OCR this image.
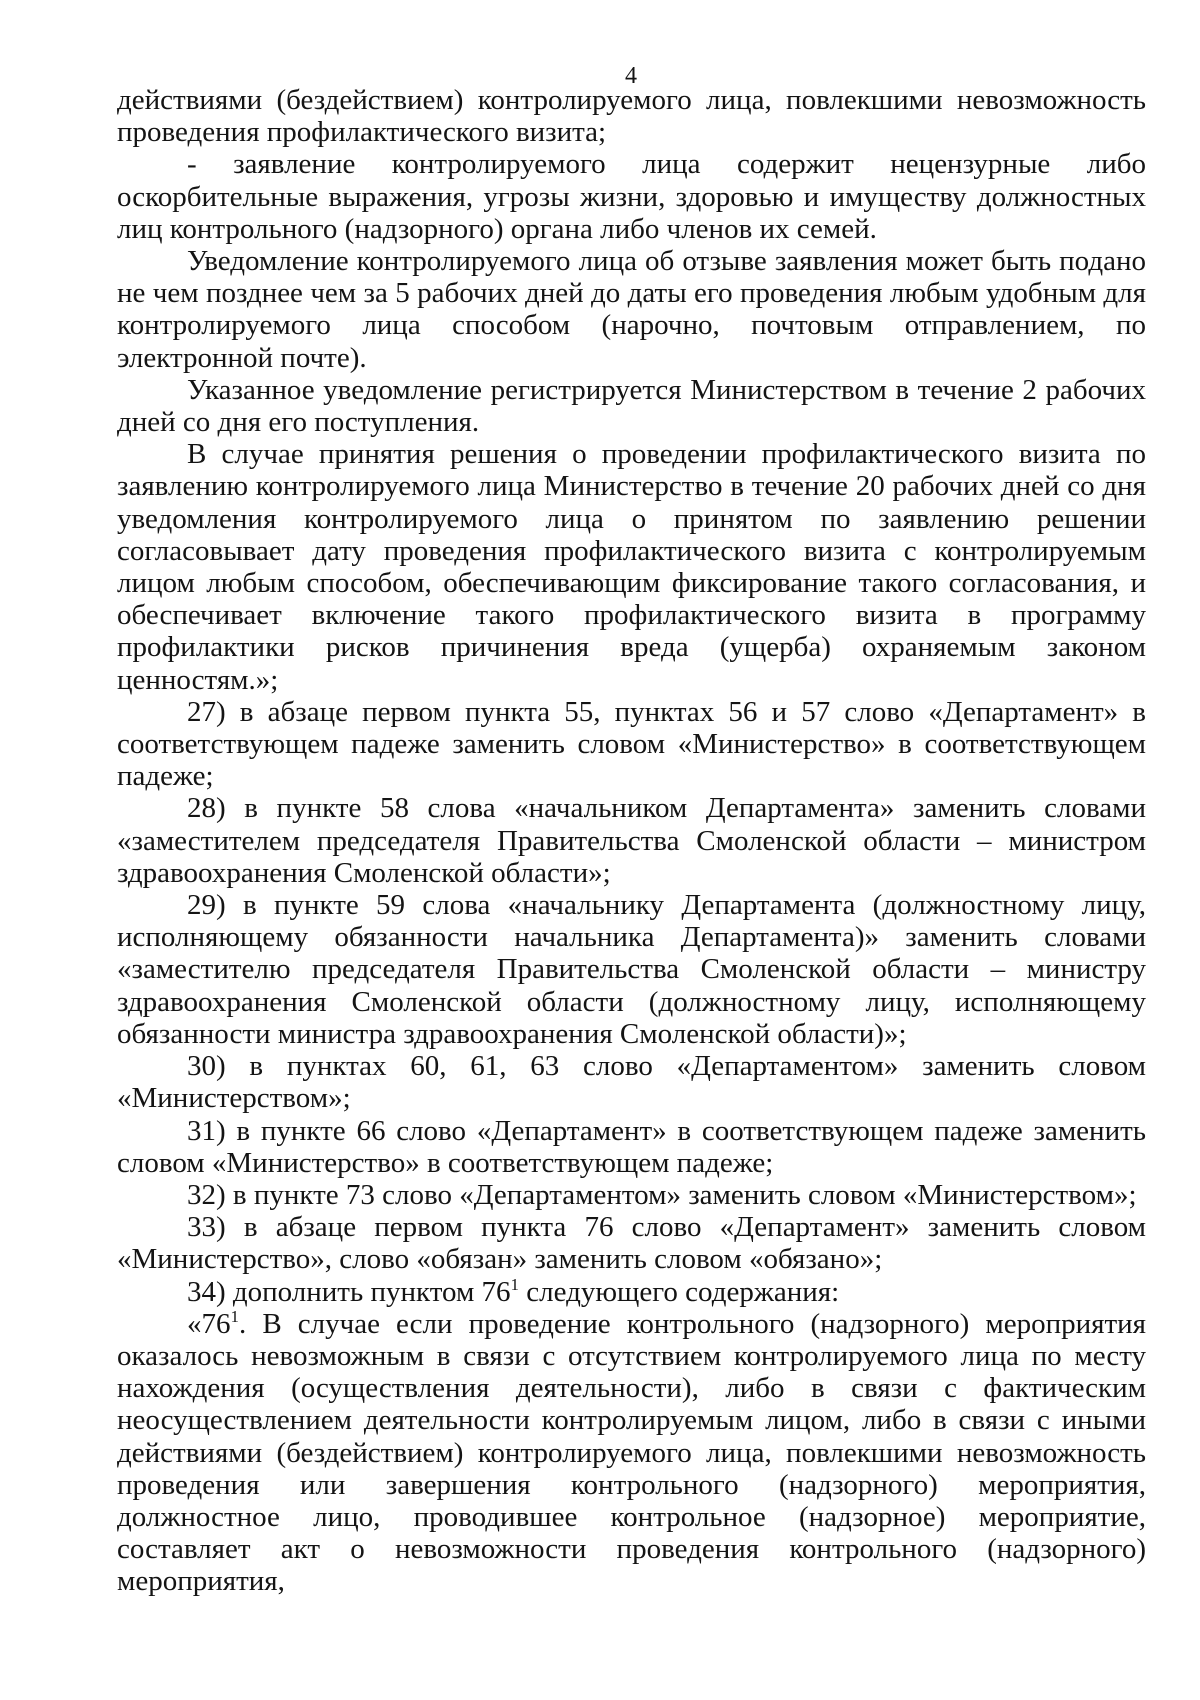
4

действиями (бездействием) контролируемого лица, повлекшими невозможность проведения профилактического визита;

- заявление контролируемого лица содержит нецензурные либо оскорбительные выражения, угрозы жизни, здоровью и имуществу должностных лиц контрольного (надзорного) органа либо членов их семей.

Уведомление контролируемого лица об отзыве заявления может быть подано не чем позднее чем за 5 рабочих дней до даты его проведения любым удобным для контролируемого лица способом (нарочно, почтовым отправлением, по электронной почте).

Указанное уведомление регистрируется Министерством в течение 2 рабочих дней со дня его поступления.

В случае принятия решения о проведении профилактического визита по заявлению контролируемого лица Министерство в течение 20 рабочих дней со дня уведомления контролируемого лица о принятом по заявлению решении согласовывает дату проведения профилактического визита с контролируемым лицом любым способом, обеспечивающим фиксирование такого согласования, и обеспечивает включение такого профилактического визита в программу профилактики рисков причинения вреда (ущерба) охраняемым законом ценностям.»;

27) в абзаце первом пункта 55, пунктах 56 и 57 слово «Департамент» в соответствующем падеже заменить словом «Министерство» в соответствующем падеже;

28) в пункте 58 слова «начальником Департамента» заменить словами «заместителем председателя Правительства Смоленской области – министром здравоохранения Смоленской области»;

29) в пункте 59 слова «начальнику Департамента (должностному лицу, исполняющему обязанности начальника Департамента)» заменить словами «заместителю председателя Правительства Смоленской области – министру здравоохранения Смоленской области (должностному лицу, исполняющему обязанности министра здравоохранения Смоленской области)»;

30) в пунктах 60, 61, 63 слово «Департаментом» заменить словом «Министерством»;

31) в пункте 66 слово «Департамент» в соответствующем падеже заменить словом «Министерство» в соответствующем падеже;

32) в пункте 73 слово «Департаментом» заменить словом «Министерством»;

33) в абзаце первом пункта 76 слово «Департамент» заменить словом «Министерство», слово «обязан» заменить словом «обязано»;

34) дополнить пунктом $76^1$ следующего содержания:

«$76^1$. В случае если проведение контрольного (надзорного) мероприятия оказалось невозможным в связи с отсутствием контролируемого лица по месту нахождения (осуществления деятельности), либо в связи с фактическим неосуществлением деятельности контролируемым лицом, либо в связи с иными действиями (бездействием) контролируемого лица, повлекшими невозможность проведения или завершения контрольного (надзорного) мероприятия, должностное лицо, проводившее контрольное (надзорное) мероприятие, составляет акт о невозможности проведения контрольного (надзорного) мероприятия,
